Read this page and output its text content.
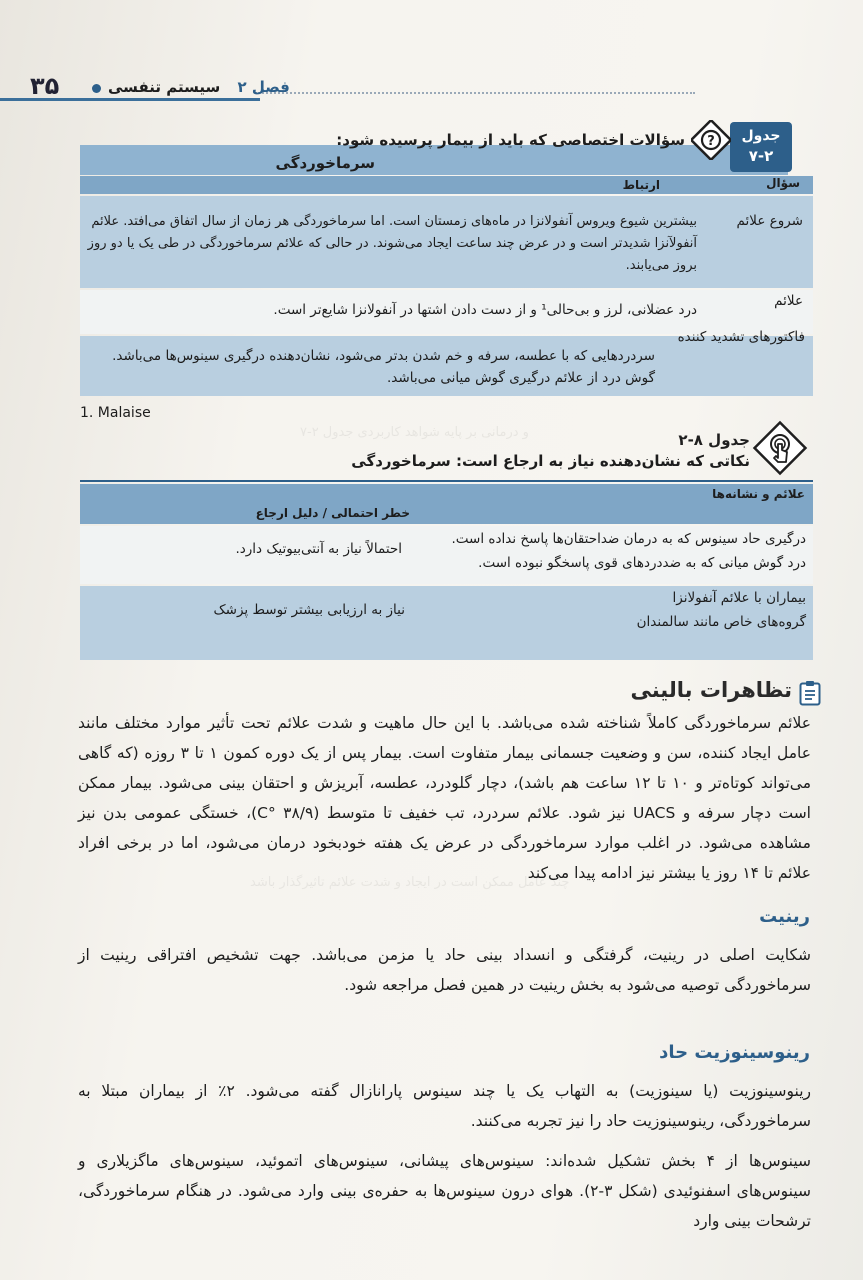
و درمانی بر پایه شواهد کاربردی جدول ۲-۷
چند عامل ممکن است در ایجاد و شدت علائم تاثیرگذار باشد
۳۵	فصل ۲ سیستم تنفسی
جدول
۷-۲
?
سؤالات اختصاصی که باید از بیمار پرسیده شود:
سرماخوردگی
سؤال
ارتباط
شروع علائم
بیشترین شیوع ویروس آنفولانزا در ماه‌های زمستان است. اما سرماخوردگی هر زمان از سال اتفاق می‌افتد. علائم آنفولآنزا شدیدتر است و در عرض چند ساعت ایجاد می‌شوند. در حالی که علائم سرماخوردگی در طی یک یا دو روز بروز می‌یابند.
علائم
درد عضلانی، لرز و بی‌حالی¹ و از دست دادن اشتها در آنفولانزا شایع‌تر است.
فاکتورهای تشدید کننده
سردردهایی که با عطسه، سرفه و خم شدن بدتر می‌شود، نشان‌دهنده درگیری سینوس‌ها می‌باشد. گوش درد از علائم درگیری گوش میانی می‌باشد.
1. Malaise
جدول ۸-۲
نکاتی که نشان‌دهنده نیاز به ارجاع است: سرماخوردگی
علائم و نشانه‌ها
خطر احتمالی / دلیل ارجاع
درگیری حاد سینوس که به درمان ضداحتقان‌ها پاسخ نداده است.
درد گوش میانی که به ضددردهای قوی پاسخگو نبوده است.
احتمالاً نیاز به آنتی‌بیوتیک دارد.
بیماران با علائم آنفولانزا
گروه‌های خاص مانند سالمندان
نیاز به ارزیابی بیشتر توسط پزشک
تظاهرات بالینی
علائم سرماخوردگی کاملاً شناخته شده می‌باشد. با این حال ماهیت و شدت علائم تحت تأثیر موارد مختلف مانند عامل ایجاد کننده، سن و وضعیت جسمانی بیمار متفاوت است. بیمار پس از یک دوره کمون ۱ تا ۳ روزه (که گاهی می‌تواند کوتاه‌تر و ۱۰ تا ۱۲ ساعت هم باشد)، دچار گلودرد، عطسه، آبریزش و احتقان بینی می‌شود. بیمار ممکن است دچار سرفه و UACS نیز شود. علائم سردرد، تب خفیف تا متوسط (۳۸/۹ °C)، خستگی عمومی بدن نیز مشاهده می‌شود. در اغلب موارد سرماخوردگی در عرض یک هفته خودبخود درمان می‌شود، اما در برخی افراد علائم تا ۱۴ روز یا بیشتر نیز ادامه پیدا می‌کند
رینیت
شکایت اصلی در رینیت، گرفتگی و انسداد بینی حاد یا مزمن می‌باشد. جهت تشخیص افتراقی رینیت از سرماخوردگی توصیه می‌شود به بخش رینیت در همین فصل مراجعه شود.
رینوسینوزیت حاد
رینوسینوزیت (یا سینوزیت) به التهاب یک یا چند سینوس پارانازال گفته می‌شود. ۲٪ از بیماران مبتلا به سرماخوردگی، رینوسینوزیت حاد را نیز تجربه می‌کنند.
سینوس‌ها از ۴ بخش تشکیل شده‌اند: سینوس‌های پیشانی، سینوس‌های اتموئید، سینوس‌های ماگزیلاری و سینوس‌های اسفنوئیدی (شکل ۳-۲). هوای درون سینوس‌ها به حفره‌ی بینی وارد می‌شود. در هنگام سرماخوردگی، ترشحات بینی وارد
